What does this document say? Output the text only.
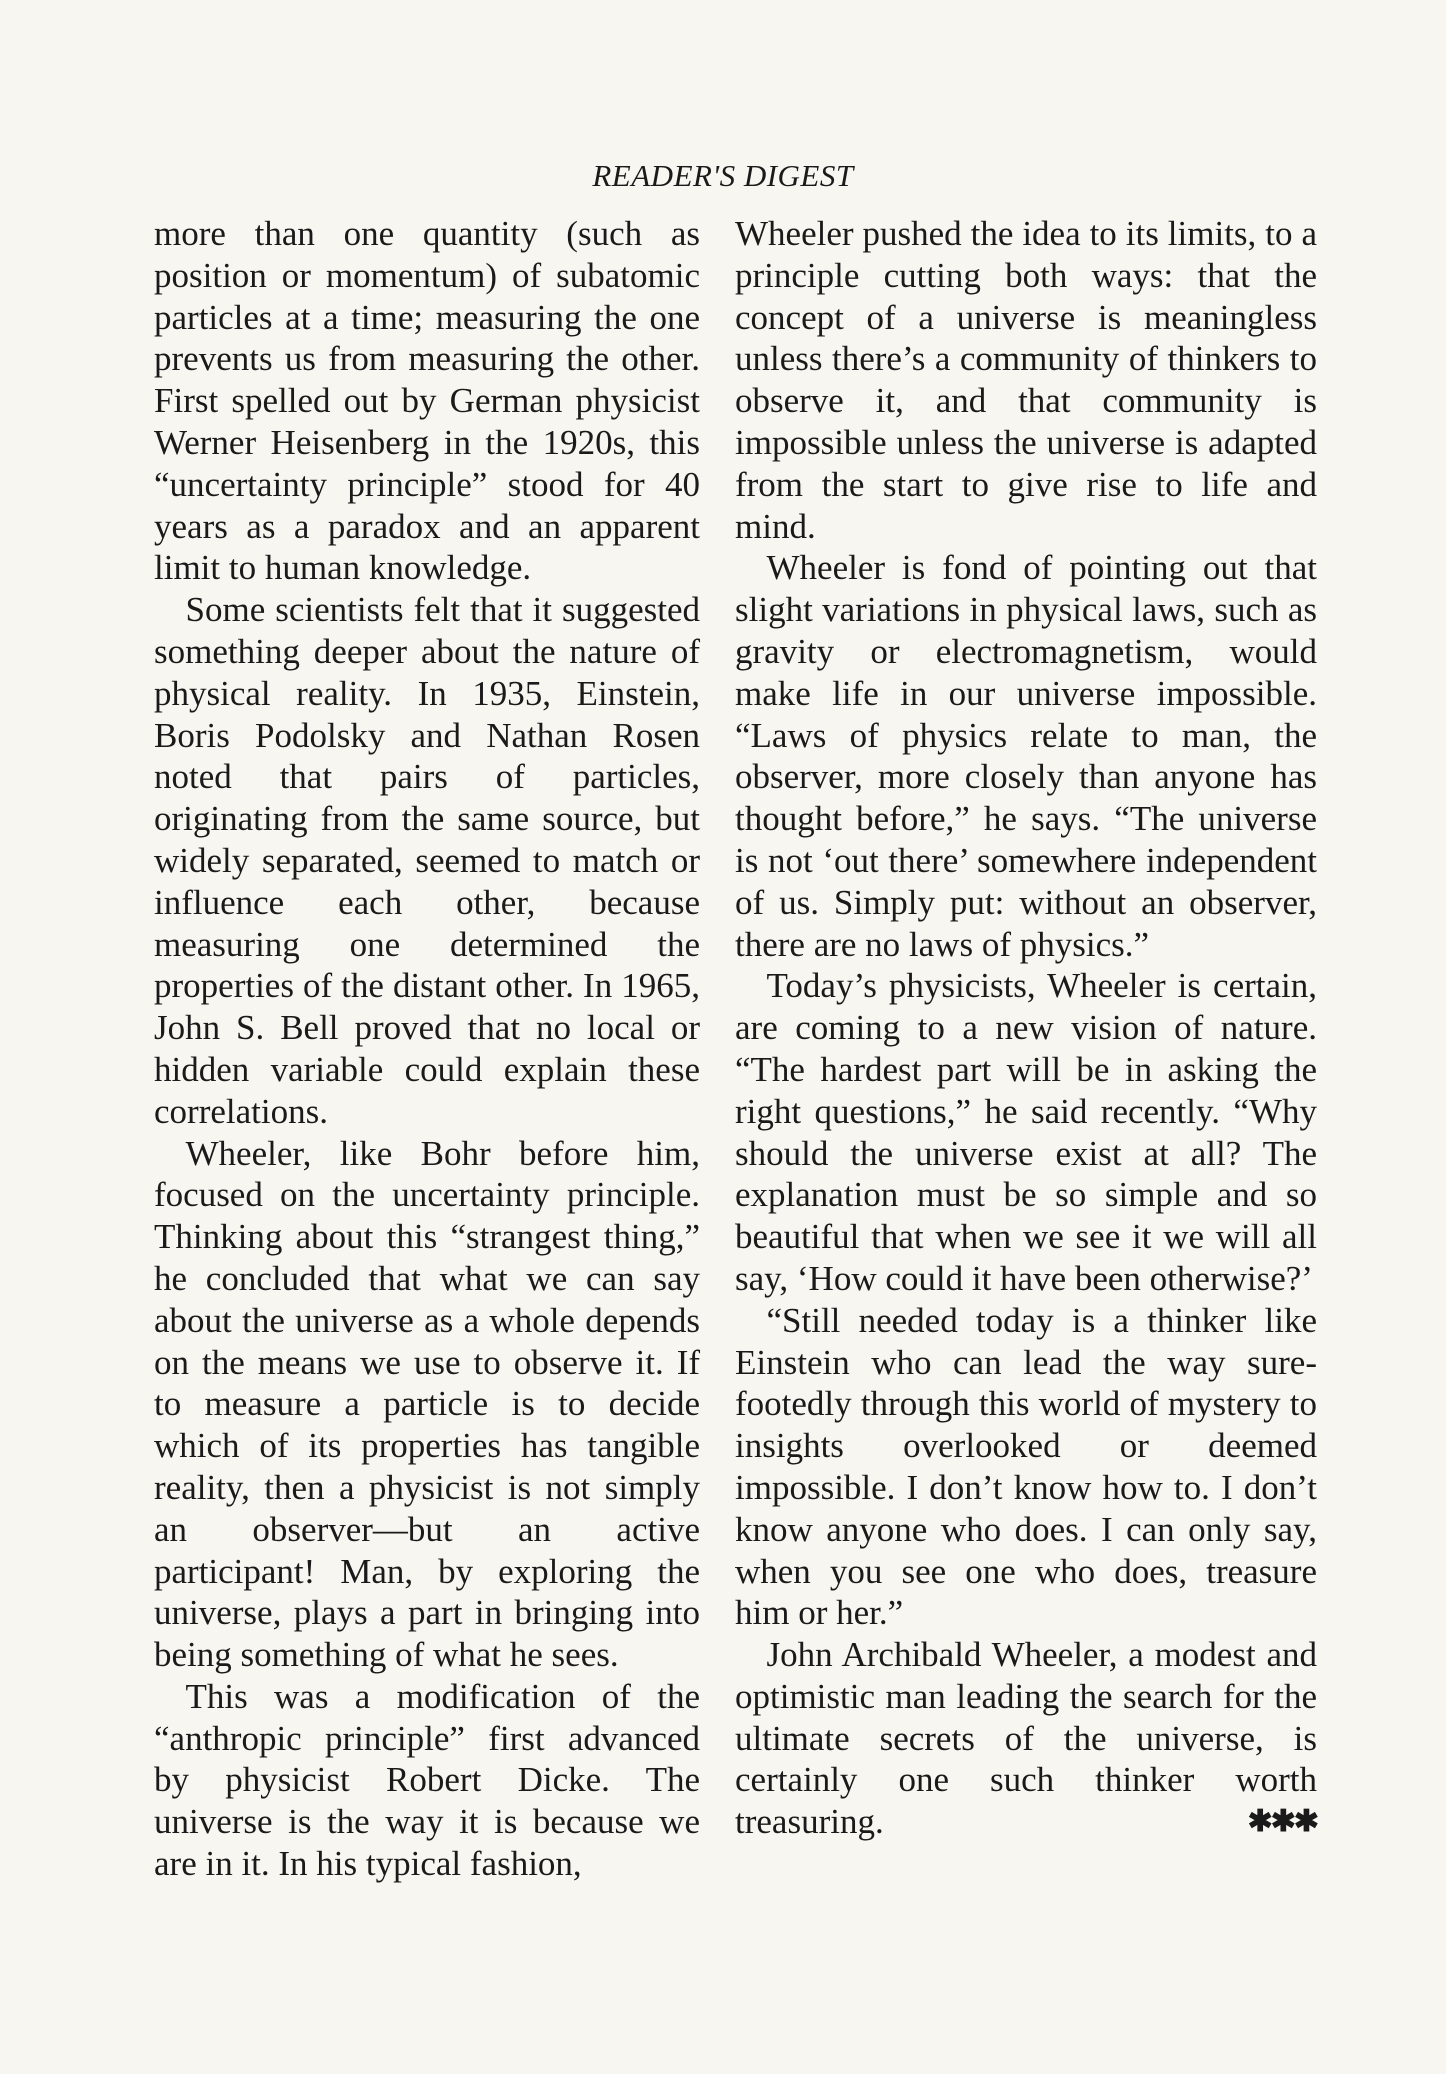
READER'S DIGEST

more than one quantity (such as position or momentum) of subatomic particles at a time; measuring the one prevents us from measuring the other. First spelled out by German physicist Werner Heisenberg in the 1920s, this “uncertainty principle” stood for 40 years as a paradox and an apparent limit to human knowledge.

Some scientists felt that it suggested something deeper about the nature of physical reality. In 1935, Einstein, Boris Podolsky and Nathan Rosen noted that pairs of particles, originating from the same source, but widely separated, seemed to match or influence each other, because measuring one determined the properties of the distant other. In 1965, John S. Bell proved that no local or hidden variable could explain these correlations.

Wheeler, like Bohr before him, focused on the uncertainty principle. Thinking about this “strangest thing,” he concluded that what we can say about the universe as a whole depends on the means we use to observe it. If to measure a particle is to decide which of its properties has tangible reality, then a physicist is not simply an observer—but an active participant! Man, by exploring the universe, plays a part in bringing into being something of what he sees.

This was a modification of the “anthropic principle” first advanced by physicist Robert Dicke. The universe is the way it is because we are in it. In his typical fashion,

Wheeler pushed the idea to its limits, to a principle cutting both ways: that the concept of a universe is meaningless unless there’s a community of thinkers to observe it, and that community is impossible unless the universe is adapted from the start to give rise to life and mind.

Wheeler is fond of pointing out that slight variations in physical laws, such as gravity or electromagnetism, would make life in our universe impossible. “Laws of physics relate to man, the observer, more closely than anyone has thought before,” he says. “The universe is not ‘out there’ somewhere independent of us. Simply put: without an observer, there are no laws of physics.”

Today’s physicists, Wheeler is certain, are coming to a new vision of nature. “The hardest part will be in asking the right questions,” he said recently. “Why should the universe exist at all? The explanation must be so simple and so beautiful that when we see it we will all say, ‘How could it have been otherwise?’

“Still needed today is a thinker like Einstein who can lead the way sure-footedly through this world of mystery to insights overlooked or deemed impossible. I don’t know how to. I don’t know anyone who does. I can only say, when you see one who does, treasure him or her.”

John Archibald Wheeler, a modest and optimistic man leading the search for the ultimate secrets of the universe, is certainly one such thinker worth treasuring.	✱✱✱
